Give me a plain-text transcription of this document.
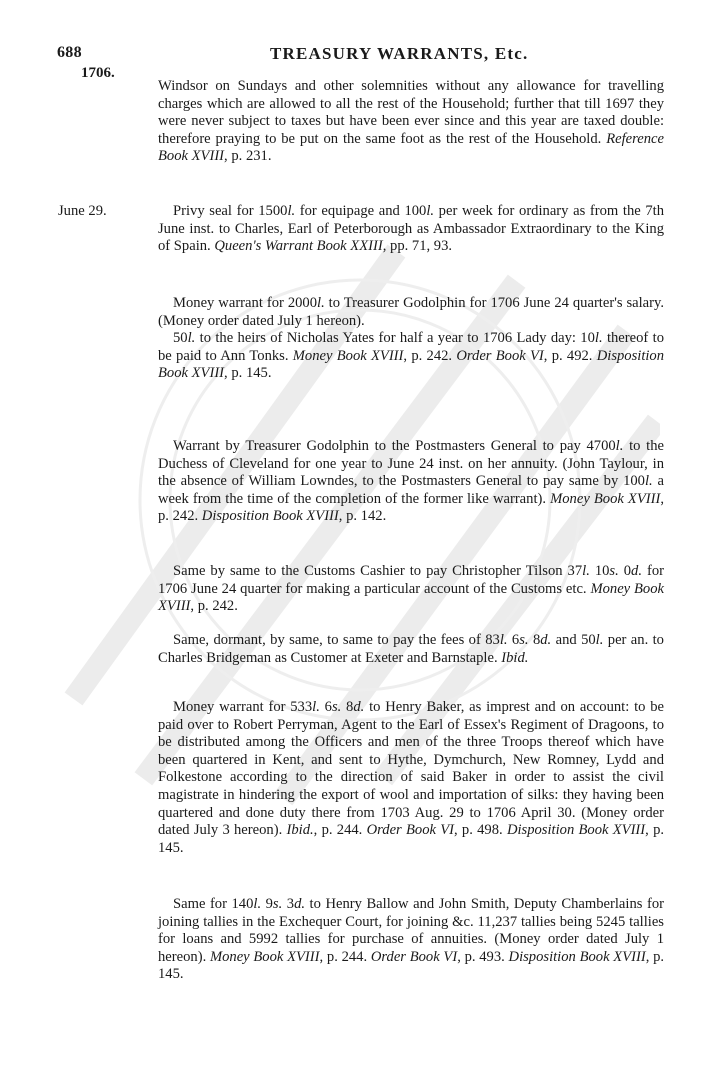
688	TREASURY WARRANTS, Etc.
1706.
Windsor on Sundays and other solemnities without any allowance for travelling charges which are allowed to all the rest of the Household; further that till 1697 they were never subject to taxes but have been ever since and this year are taxed double: therefore praying to be put on the same foot as the rest of the Household. Reference Book XVIII, p. 231.
June 29.	Privy seal for 1500l. for equipage and 100l. per week for ordinary as from the 7th June inst. to Charles, Earl of Peterborough as Ambassador Extraordinary to the King of Spain. Queen's Warrant Book XXIII, pp. 71, 93.
Money warrant for 2000l. to Treasurer Godolphin for 1706 June 24 quarter's salary. (Money order dated July 1 hereon).
50l. to the heirs of Nicholas Yates for half a year to 1706 Lady day: 10l. thereof to be paid to Ann Tonks. Money Book XVIII, p. 242. Order Book VI, p. 492. Disposition Book XVIII, p. 145.
Warrant by Treasurer Godolphin to the Postmasters General to pay 4700l. to the Duchess of Cleveland for one year to June 24 inst. on her annuity. (John Taylour, in the absence of William Lowndes, to the Postmasters General to pay same by 100l. a week from the time of the completion of the former like warrant). Money Book XVIII, p. 242. Disposition Book XVIII, p. 142.
Same by same to the Customs Cashier to pay Christopher Tilson 37l. 10s. 0d. for 1706 June 24 quarter for making a particular account of the Customs etc. Money Book XVIII, p. 242.
Same, dormant, by same, to same to pay the fees of 83l. 6s. 8d. and 50l. per an. to Charles Bridgeman as Customer at Exeter and Barnstaple. Ibid.
Money warrant for 533l. 6s. 8d. to Henry Baker, as imprest and on account: to be paid over to Robert Perryman, Agent to the Earl of Essex's Regiment of Dragoons, to be distributed among the Officers and men of the three Troops thereof which have been quartered in Kent, and sent to Hythe, Dymchurch, New Romney, Lydd and Folkestone according to the direction of said Baker in order to assist the civil magistrate in hindering the export of wool and importation of silks: they having been quartered and done duty there from 1703 Aug. 29 to 1706 April 30. (Money order dated July 3 hereon). Ibid., p. 244. Order Book VI, p. 498. Disposition Book XVIII, p. 145.
Same for 140l. 9s. 3d. to Henry Ballow and John Smith, Deputy Chamberlains for joining tallies in the Exchequer Court, for joining &c. 11,237 tallies being 5245 tallies for loans and 5992 tallies for purchase of annuities. (Money order dated July 1 hereon). Money Book XVIII, p. 244. Order Book VI, p. 493. Disposition Book XVIII, p. 145.
